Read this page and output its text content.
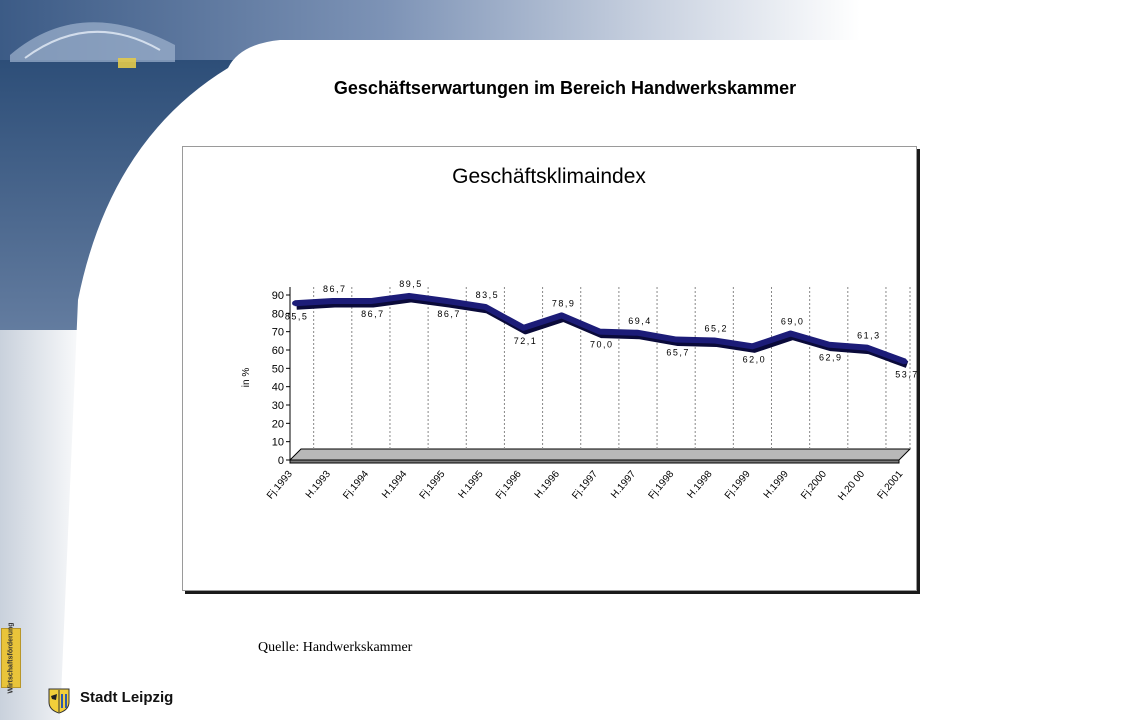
Geschäftserwartungen im Bereich Handwerkskammer
Geschäftsklimaindex
0
10
20
30
40
50
60
70
80
90
in %
85,5
86,7
86,7
89,5
86,7
83,5
72,1
78,9
70,0
69,4
65,7
65,2
62,0
69,0
62,9
61,3
53,7
Fj.1993 H.1993 Fj.1994 H.1994 Fj.1995 H.1995 Fj.1996 H.1996 Fj.1997 H.1997 Fj.1998 H.1998 Fj.1999 H.1999 Fj.2000 H.20 00 Fj.2001
Quelle: Handwerkskammer
Wirtschaftsförderung
Stadt Leipzig
